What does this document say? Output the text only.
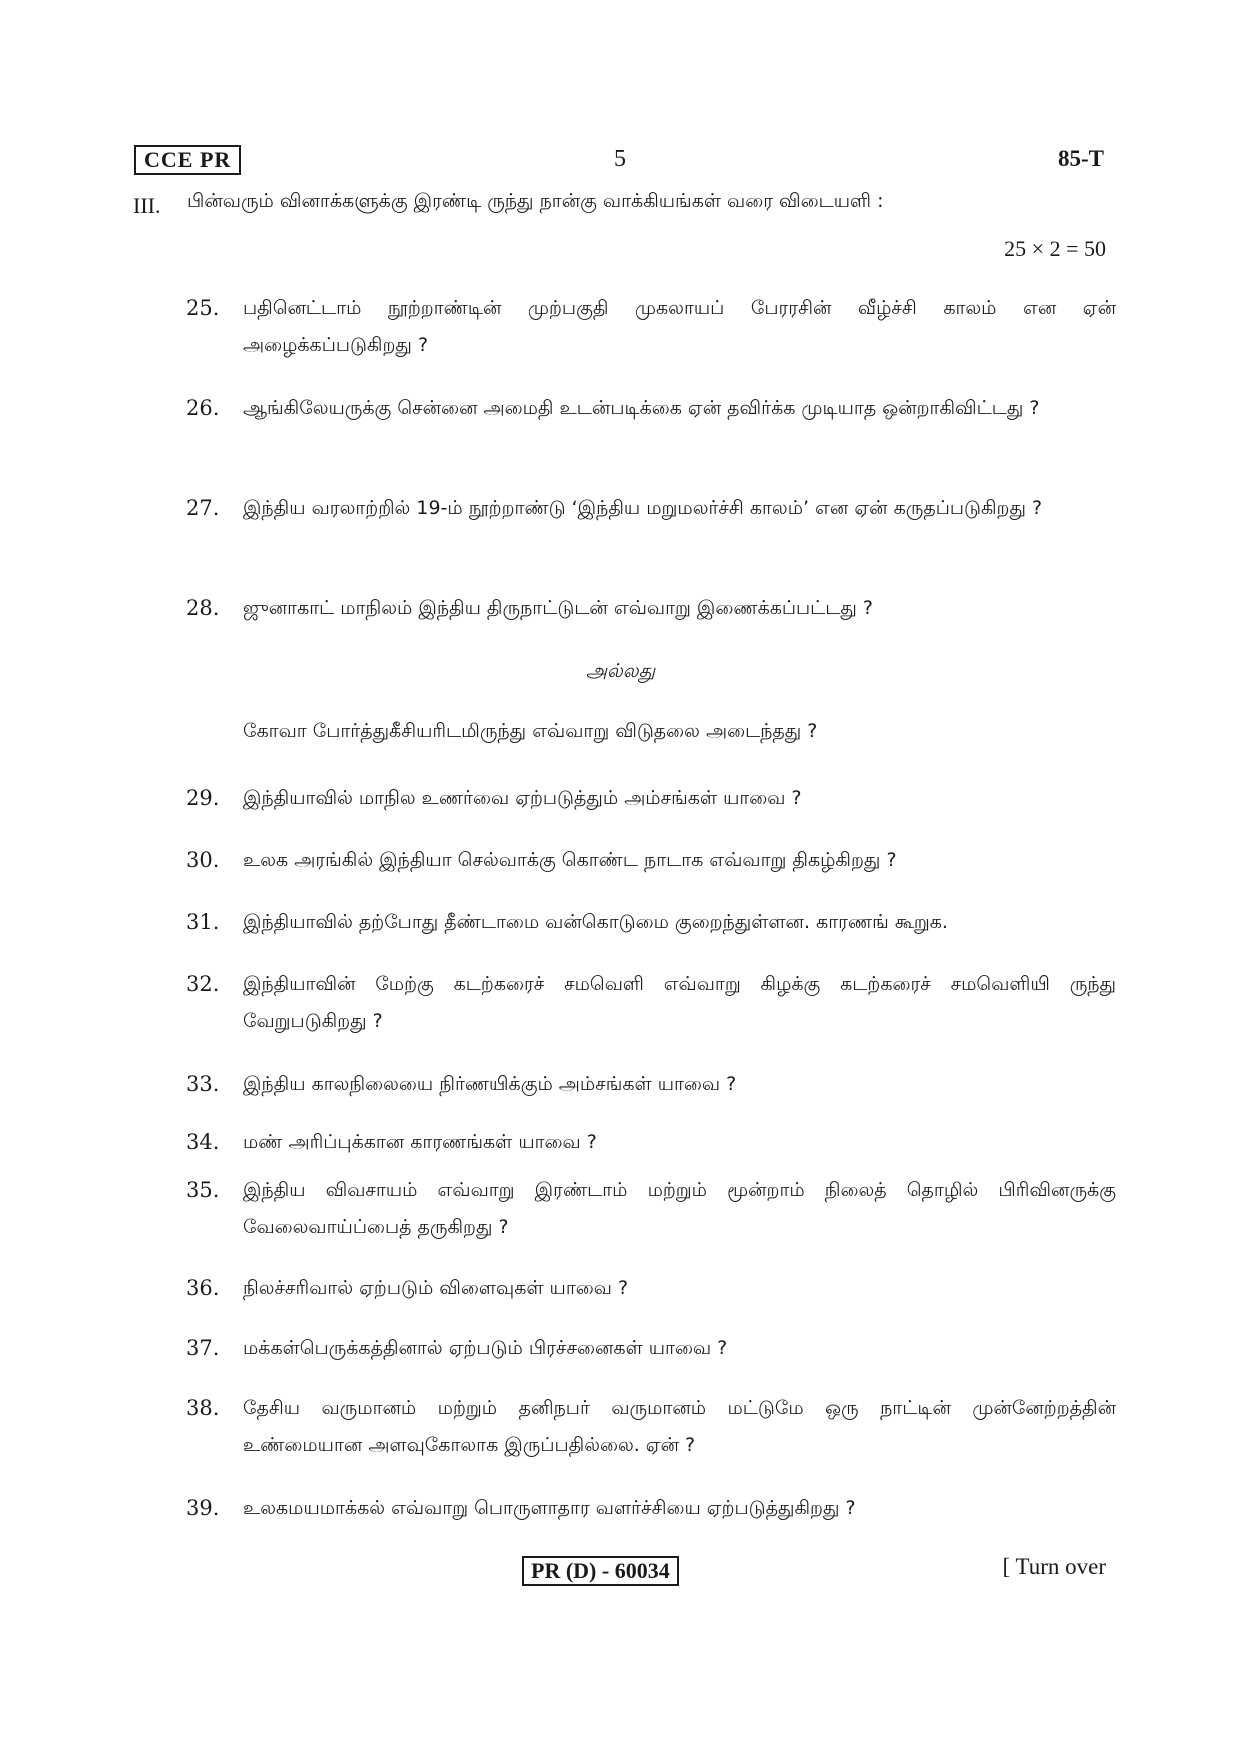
CCE PR	5	85-T
III. பின்வரும் வினாக்களுக்கு இரண்டி ருந்து நான்கு வாக்கியங்கள் வரை விடையளி :
25 × 2 = 50
25.	பதினெட்டாம் நூற்றாண்டின் முற்பகுதி முகலாயப் பேரரசின் வீழ்ச்சி காலம் என ஏன் அழைக்கப்படுகிறது ?
26.	ஆங்கிலேயருக்கு சென்னை அமைதி உடன்படிக்கை ஏன் தவிர்க்க முடியாத ஒன்றாகிவிட்டது ?
27.	இந்திய வரலாற்றில் 19-ம் நூற்றாண்டு ‘இந்திய மறுமலர்ச்சி காலம்’ என ஏன் கருதப்படுகிறது ?
28.	ஜுனாகாட் மாநிலம் இந்திய திருநாட்டுடன் எவ்வாறு இணைக்கப்பட்டது ?
அல்லது
கோவா போர்த்துகீசியரிடமிருந்து எவ்வாறு விடுதலை அடைந்தது ?
29.	இந்தியாவில் மாநில உணர்வை ஏற்படுத்தும் அம்சங்கள் யாவை ?
30.	உலக அரங்கில் இந்தியா செல்வாக்கு கொண்ட நாடாக எவ்வாறு திகழ்கிறது ?
31.	இந்தியாவில் தற்போது தீண்டாமை வன்கொடுமை குறைந்துள்ளன. காரணங் கூறுக.
32.	இந்தியாவின் மேற்கு கடற்கரைச் சமவெளி எவ்வாறு கிழக்கு கடற்கரைச் சமவெளியி ருந்து வேறுபடுகிறது ?
33.	இந்திய காலநிலையை நிர்ணயிக்கும் அம்சங்கள் யாவை ?
34.	மண் அரிப்புக்கான காரணங்கள் யாவை ?
35.	இந்திய விவசாயம் எவ்வாறு இரண்டாம் மற்றும் மூன்றாம் நிலைத் தொழில் பிரிவினருக்கு வேலைவாய்ப்பைத் தருகிறது ?
36.	நிலச்சரிவால் ஏற்படும் விளைவுகள் யாவை ?
37.	மக்கள்பெருக்கத்தினால் ஏற்படும் பிரச்சனைகள் யாவை ?
38.	தேசிய வருமானம் மற்றும் தனிநபர் வருமானம் மட்டுமே ஒரு நாட்டின் முன்னேற்றத்தின் உண்மையான அளவுகோலாக இருப்பதில்லை. ஏன் ?
39.	உலகமயமாக்கல் எவ்வாறு பொருளாதார வளர்ச்சியை ஏற்படுத்துகிறது ?
PR (D) - 60034	[ Turn over
